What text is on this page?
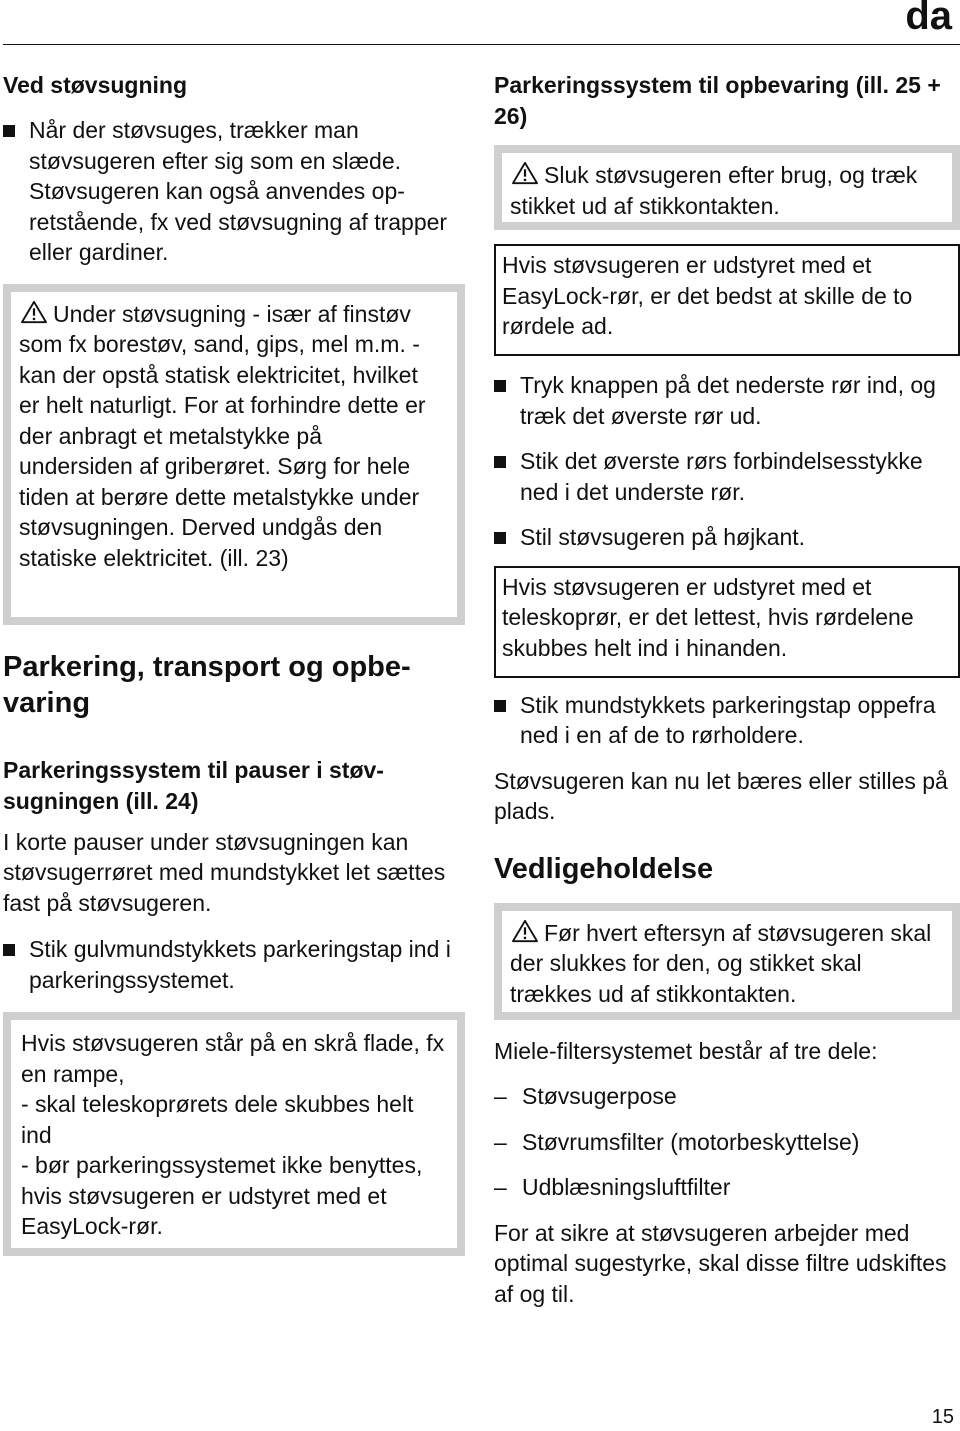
da
Ved støvsugning
Når der støvsuges, trækker man støvsugeren efter sig som en slæde. Støvsugeren kan også anvendes opretstående, fx ved støvsugning af trapper eller gardiner.
Under støvsugning - især af finstøv som fx borestøv, sand, gips, mel m.m. - kan der opstå statisk elektricitet, hvilket er helt naturligt. For at forhindre dette er der anbragt et metalstykke på undersiden af griberøret. Sørg for hele tiden at berøre dette metalstykke under støvsugningen. Derved undgås den statiske elektricitet. (ill. 23)
Parkering, transport og opbevaring
Parkeringssystem til pauser i støvsugningen (ill. 24)

I korte pauser under støvsugningen kan støvsugerrøret med mundstykket let sættes fast på støvsugeren.

Stik gulvmundstykkets parkeringstap ind i parkeringssystemet.
Hvis støvsugeren står på en skrå flade, fx en rampe,
- skal teleskoprørets dele skubbes helt ind
- bør parkeringssystemet ikke benyttes, hvis støvsugeren er udstyret med et EasyLock-rør.
Parkeringssystem til opbevaring (ill. 25 + 26)
Sluk støvsugeren efter brug, og træk stikket ud af stikkontakten.
Hvis støvsugeren er udstyret med et EasyLock-rør, er det bedst at skille de to rørdele ad.
Tryk knappen på det nederste rør ind, og træk det øverste rør ud.
Stik det øverste rørs forbindelsesstykke ned i det underste rør.
Stil støvsugeren på højkant.
Hvis støvsugeren er udstyret med et teleskoprør, er det lettest, hvis rørdelene skubbes helt ind i hinanden.
Stik mundstykkets parkeringstap oppefra ned i en af de to rørholdere.

Støvsugeren kan nu let bæres eller stilles på plads.

Vedligeholdelse
Før hvert eftersyn af støvsugeren skal der slukkes for den, og stikket skal trækkes ud af stikkontakten.

Miele-filtersystemet består af tre dele:

– Støvsugerpose
– Støvrumsfilter (motorbeskyttelse)
– Udblæsningsluftfilter

For at sikre at støvsugeren arbejder med optimal sugestyrke, skal disse filtre udskiftes af og til.

15
